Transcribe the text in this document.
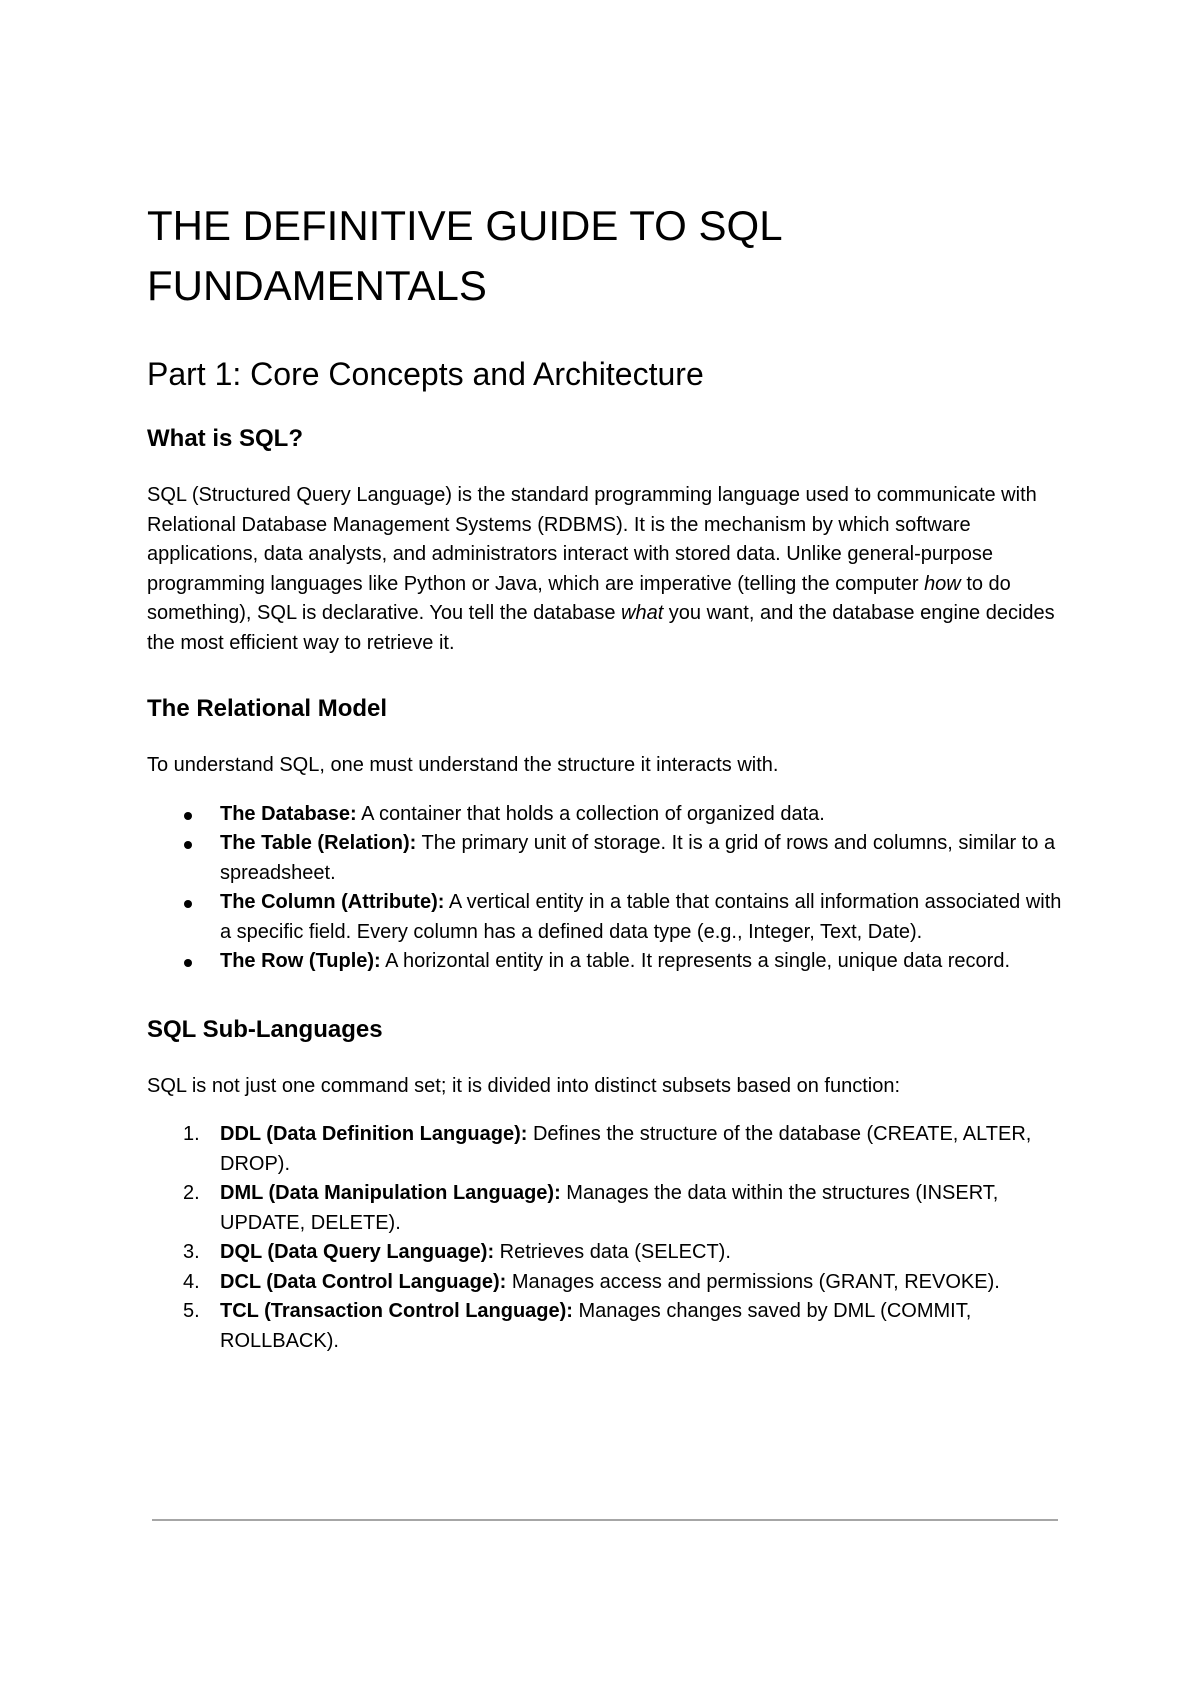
THE DEFINITIVE GUIDE TO SQL
FUNDAMENTALS
Part 1: Core Concepts and Architecture
What is SQL?

SQL (Structured Query Language) is the standard programming language used to communicate with Relational Database Management Systems (RDBMS). It is the mechanism by which software applications, data analysts, and administrators interact with stored data. Unlike general-purpose programming languages like Python or Java, which are imperative (telling the computer how to do something), SQL is declarative. You tell the database what you want, and the database engine decides the most efficient way to retrieve it.

The Relational Model

To understand SQL, one must understand the structure it interacts with.

The Database: A container that holds a collection of organized data.
The Table (Relation): The primary unit of storage. It is a grid of rows and columns, similar to a spreadsheet.
The Column (Attribute): A vertical entity in a table that contains all information associated with a specific field. Every column has a defined data type (e.g., Integer, Text, Date).
The Row (Tuple): A horizontal entity in a table. It represents a single, unique data record.
SQL Sub-Languages

SQL is not just one command set; it is divided into distinct subsets based on function:

1.	DDL (Data Definition Language): Defines the structure of the database (CREATE, ALTER, DROP).
2.	DML (Data Manipulation Language): Manages the data within the structures (INSERT, UPDATE, DELETE).
3.	DQL (Data Query Language): Retrieves data (SELECT).
4.	DCL (Data Control Language): Manages access and permissions (GRANT, REVOKE).
5.	TCL (Transaction Control Language): Manages changes saved by DML (COMMIT, ROLLBACK).
